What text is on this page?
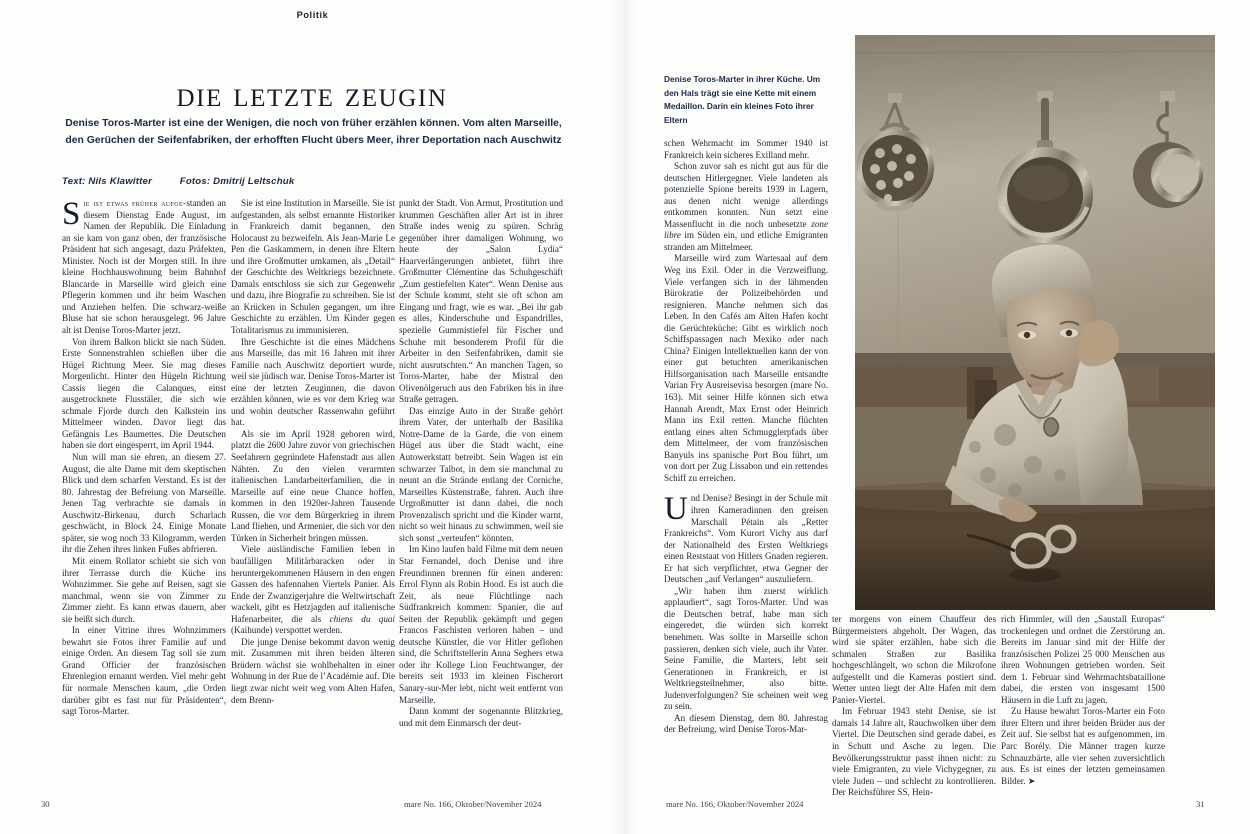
Politik
die letzte zeugin
Denise Toros-Marter ist eine der Wenigen, die noch von früher erzählen können. Vom alten Marseille, den Gerüchen der Seifenfabriken, der erhofften Flucht übers Meer, ihrer Deportation nach Auschwitz
Text: Nils Klawitter	Fotos: Dmitrij Leltschuk

Sie ist etwas früher aufge-standen an diesem Dienstag Ende August, im Namen der Republik. Die Einladung an sie kam von ganz oben, der französische Präsident hat sich angesagt, dazu Präfekten, Minister. Noch ist der Morgen still. In ihre kleine Hochhauswohnung beim Bahnhof Blancarde in Marseille wird gleich eine Pflegerin kommen und ihr beim Waschen und Anziehen helfen. Die schwarz-weiße Bluse hat sie schon herausgelegt. 96 Jahre alt ist Denise Toros-Marter jetzt.

Von ihrem Balkon blickt sie nach Süden. Erste Sonnenstrahlen schießen über die Hügel Richtung Meer. Sie mag dieses Morgenlicht. Hinter den Hügeln Richtung Cassis liegen die Calanques, einst ausgetrocknete Flusstäler, die sich wie schmale Fjorde durch den Kalkstein ins Mittelmeer winden. Davor liegt das Gefängnis Les Baumettes. Die Deutschen haben sie dort eingesperrt, im April 1944.

Nun will man sie ehren, an diesem 27. August, die alte Dame mit dem skeptischen Blick und dem scharfen Verstand. Es ist der 80. Jahrestag der Befreiung von Marseille. Jenen Tag verbrachte sie damals in Auschwitz-Birkenau, durch Scharlach geschwächt, in Block 24. Einige Monate später, sie wog noch 33 Kilogramm, werden ihr die Zehen ihres linken Fußes abfrieren.

Mit einem Rollator schiebt sie sich von ihrer Terrasse durch die Küche ins Wohnzimmer. Sie gehe auf Reisen, sagt sie manchmal, wenn sie von Zimmer zu Zimmer zieht. Es kann etwas dauern, aber sie beißt sich durch.

In einer Vitrine ihres Wohnzimmers bewahrt sie Fotos ihrer Familie auf und einige Orden. An diesem Tag soll sie zum Grand Officier der französischen Ehrenlegion ernannt werden. Viel mehr geht für normale Menschen kaum, „die Orden darüber gibt es fast nur für Präsidenten“, sagt Toros-Marter.

Sie ist eine Institution in Marseille. Sie ist aufgestanden, als selbst ernannte Historiker in Frankreich damit begannen, den Holocaust zu bezweifeln. Als Jean-Marie Le Pen die Gaskammern, in denen ihre Eltern und ihre Großmutter umkamen, als „Detail“ der Geschichte des Weltkriegs bezeichnete. Damals entschloss sie sich zur Gegenwehr und dazu, ihre Biografie zu schreiben. Sie ist an Krücken in Schulen gegangen, um ihre Geschichte zu erzählen. Um Kinder gegen Totalitarismus zu immunisieren.

Ihre Geschichte ist die eines Mädchens aus Marseille, das mit 16 Jahren mit ihrer Familie nach Auschwitz deportiert wurde, weil sie jüdisch war. Denise Toros-Marter ist eine der letzten Zeuginnen, die davon erzählen können, wie es vor dem Krieg war und wohin deutscher Rassenwahn geführt hat.

Als sie im April 1928 geboren wird, platzt die 2600 Jahre zuvor von griechischen Seefahrern gegründete Hafenstadt aus allen Nähten. Zu den vielen verarmten italienischen Landarbeiterfamilien, die in Marseille auf eine neue Chance hoffen, kommen in den 1920er-Jahren Tausende Russen, die vor dem Bürgerkrieg in ihrem Land fliehen, und Armenier, die sich vor den Türken in Sicherheit bringen müssen.

Viele ausländische Familien leben in baufälligen Militärbaracken oder in heruntergekommenen Häusern in den engen Gassen des hafennahen Viertels Panier. Als Ende der Zwanzigerjahre die Weltwirtschaft wackelt, gibt es Hetzjagden auf italienische Hafenarbeiter, die als chiens du quai (Kaihunde) verspottet werden.

Die junge Denise bekommt davon wenig mit. Zusammen mit ihren beiden älteren Brüdern wächst sie wohlbehalten in einer Wohnung in der Rue de l’Académie auf. Die liegt zwar nicht weit weg vom Alten Hafen, dem Brenn-

punkt der Stadt. Von Armut, Prostitution und krummen Geschäften aller Art ist in ihrer Straße indes wenig zu spüren. Schräg gegenüber ihrer damaligen Wohnung, wo heute der „Salon Lydia“ Haarverlängerungen anbietet, führt ihre Großmutter Clémentine das Schuhgeschäft „Zum gestiefelten Kater“. Wenn Denise aus der Schule kommt, steht sie oft schon am Eingang und fragt, wie es war. „Bei ihr gab es alles, Kinderschuhe und Espandrilles, spezielle Gummistiefel für Fischer und Schuhe mit besonderem Profil für die Arbeiter in den Seifenfabriken, damit sie nicht ausrutschten.“ An manchen Tagen, so Toros-Marter, habe der Mistral den Olivenölgeruch aus den Fabriken bis in ihre Straße getragen.

Das einzige Auto in der Straße gehört ihrem Vater, der unterhalb der Basilika Notre-Dame de la Garde, die von einem Hügel aus über die Stadt wacht, eine Autowerkstatt betreibt. Sein Wagen ist ein schwarzer Talbot, in dem sie manchmal zu neunt an die Strände entlang der Corniche, Marseilles Küstenstraße, fahren. Auch ihre Urgroßmutter ist dann dabei, die noch Provenzalisch spricht und die Kinder warnt, nicht so weit hinaus zu schwimmen, weil sie sich sonst „verteufen“ könnten.

Im Kino laufen bald Filme mit dem neuen Star Fernandel, doch Denise und ihre Freundinnen brennen für einen anderen: Errol Flynn als Robin Hood. Es ist auch die Zeit, als neue Flüchtlinge nach Südfrankreich kommen: Spanier, die auf Seiten der Republik gekämpft und gegen Francos Faschisten verloren haben – und deutsche Künstler, die vor Hitler geflohen sind, die Schriftstellerin Anna Seghers etwa oder ihr Kollege Lion Feuchtwanger, der bereits seit 1933 im kleinen Fischerort Sanary-sur-Mer lebt, nicht weit entfernt von Marseille.

Dann kommt der sogenannte Blitzkrieg, und mit dem Einmarsch der deut-

Denise Toros-Marter in ihrer Küche. Um den Hals trägt sie eine Kette mit einem Medaillon. Darin ein kleines Foto ihrer Eltern

schen Wehrmacht im Sommer 1940 ist Frankreich kein sicheres Exilland mehr.

Schon zuvor sah es nicht gut aus für die deutschen Hitlergegner. Viele landeten als potenzielle Spione bereits 1939 in Lagern, aus denen nicht wenige allerdings entkommen konnten. Nun setzt eine Massenflucht in die noch unbesetzte zone libre im Süden ein, und etliche Emigranten stranden am Mittelmeer.

Marseille wird zum Wartesaal auf dem Weg ins Exil. Oder in die Verzweiflung. Viele verfangen sich in der lähmenden Bürokratie der Polizeibehörden und resignieren. Manche nehmen sich das Leben. In den Cafés am Alten Hafen kocht die Gerüchteküche: Gibt es wirklich noch Schiffspassagen nach Mexiko oder nach China? Einigen Intellektuellen kann der von einer gut betuchten amerikanischen Hilfsorganisation nach Marseille entsandte Varian Fry Ausreisevisa besorgen (mare No. 163). Mit seiner Hilfe können sich etwa Hannah Arendt, Max Ernst oder Heinrich Mann ins Exil retten. Manche flüchten entlang eines alten Schmugglerpfads über dem Mittelmeer, der vom französischen Banyuls ins spanische Port Bou führt, um von dort per Zug Lissabon und ein rettendes Schiff zu erreichen.

Und Denise? Besingt in der Schule mit ihren Kameradinnen den greisen Marschall Pétain als „Retter Frankreichs“. Vom Kurort Vichy aus darf der Nationalheld des Ersten Weltkriegs einen Reststaat von Hitlers Gnaden regieren. Er hat sich verpflichtet, etwa Gegner der Deutschen „auf Verlangen“ auszuliefern.

„Wir haben ihm zuerst wirklich applaudiert“, sagt Toros-Marter. Und was die Deutschen betraf, habe man sich eingeredet, die würden sich korrekt benehmen. Was sollte in Marseille schon passieren, denken sich viele, auch ihr Vater. Seine Familie, die Marters, lebt seit Generationen in Frankreich, er ist Weltkriegsteilnehmer, also bitte. Judenverfolgungen? Sie scheinen weit weg zu sein.

An diesem Dienstag, dem 80. Jahrestag der Befreiung, wird Denise Toros-Mar-

ter morgens von einem Chauffeur des Bürgermeisters abgeholt. Der Wagen, das wird sie später erzählen, habe sich die schmalen Straßen zur Basilika hochgeschlängelt, wo schon die Mikrofone aufgestellt und die Kameras postiert sind. Wetter unten liegt der Alte Hafen mit dem Panier-Viertel.

Im Februar 1943 steht Denise, sie ist damals 14 Jahre alt, Rauchwolken über dem Viertel. Die Deutschen sind gerade dabei, es in Schutt und Asche zu legen. Die Bevölkerungsstruktur passt ihnen nicht: zu viele Emigranten, zu viele Vichygegner, zu viele Juden – und schlecht zu kontrollieren. Der Reichsführer SS, Hein-

rich Himmler, will den „Saustall Europas“ trockenlegen und ordnet die Zerstörung an. Bereits im Januar sind mit der Hilfe der französischen Polizei 25 000 Menschen aus ihren Wohnungen getrieben worden. Seit dem 1. Februar sind Wehrmachtsbataillone dabei, die ersten von insgesamt 1500 Häusern in die Luft zu jagen.

Zu Hause bewahrt Toros-Marter ein Foto ihrer Eltern und ihrer beiden Brüder aus der Zeit auf. Sie selbst hat es aufgenommen, im Parc Borély. Die Männer tragen kurze Schnauzbärte, alle vier sehen zuversichtlich aus. Es ist eines der letzten gemeinsamen Bilder. ➤

30	mare No. 166, Oktober/November 2024	mare No. 166, Oktober/November 2024	31
